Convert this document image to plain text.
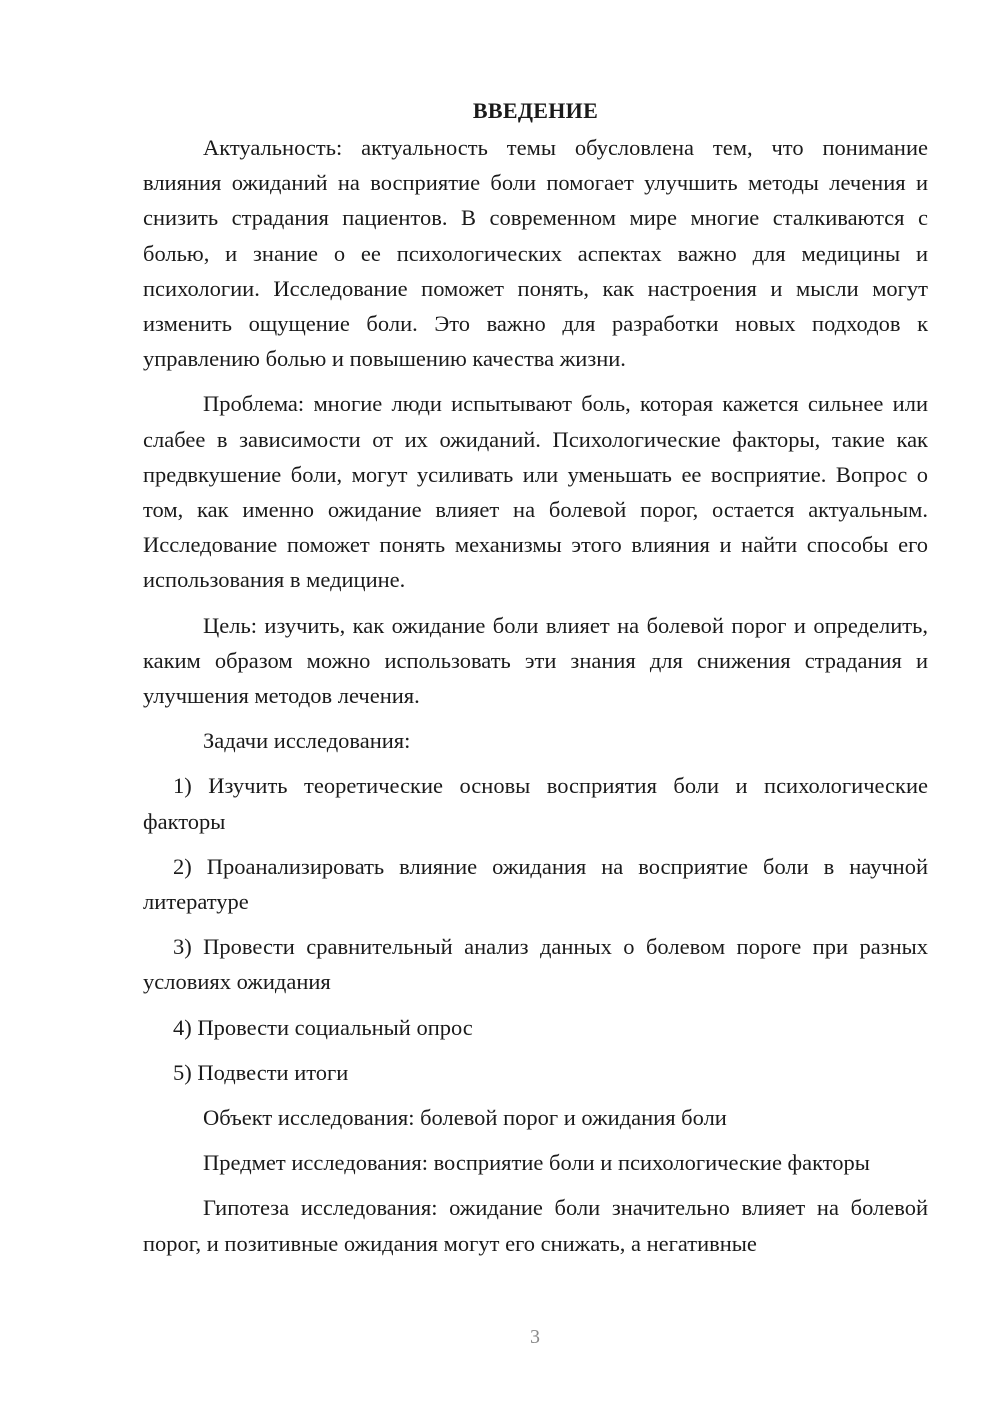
ВВЕДЕНИЕ

Актуальность: актуальность темы обусловлена тем, что понимание влияния ожиданий на восприятие боли помогает улучшить методы лечения и снизить страдания пациентов. В современном мире многие сталкиваются с болью, и знание о ее психологических аспектах важно для медицины и психологии. Исследование поможет понять, как настроения и мысли могут изменить ощущение боли. Это важно для разработки новых подходов к управлению болью и повышению качества жизни.

Проблема: многие люди испытывают боль, которая кажется сильнее или слабее в зависимости от их ожиданий. Психологические факторы, такие как предвкушение боли, могут усиливать или уменьшать ее восприятие. Вопрос о том, как именно ожидание влияет на болевой порог, остается актуальным. Исследование поможет понять механизмы этого влияния и найти способы его использования в медицине.

Цель: изучить, как ожидание боли влияет на болевой порог и определить, каким образом можно использовать эти знания для снижения страдания и улучшения методов лечения.

Задачи исследования:

1) Изучить теоретические основы восприятия боли и психологические факторы

2) Проанализировать влияние ожидания на восприятие боли в научной литературе

3) Провести сравнительный анализ данных о болевом пороге при разных условиях ожидания

4) Провести социальный опрос

5) Подвести итоги

Объект исследования: болевой порог и ожидания боли

Предмет исследования: восприятие боли и психологические факторы

Гипотеза исследования: ожидание боли значительно влияет на болевой порог, и позитивные ожидания могут его снижать, а негативные

3
